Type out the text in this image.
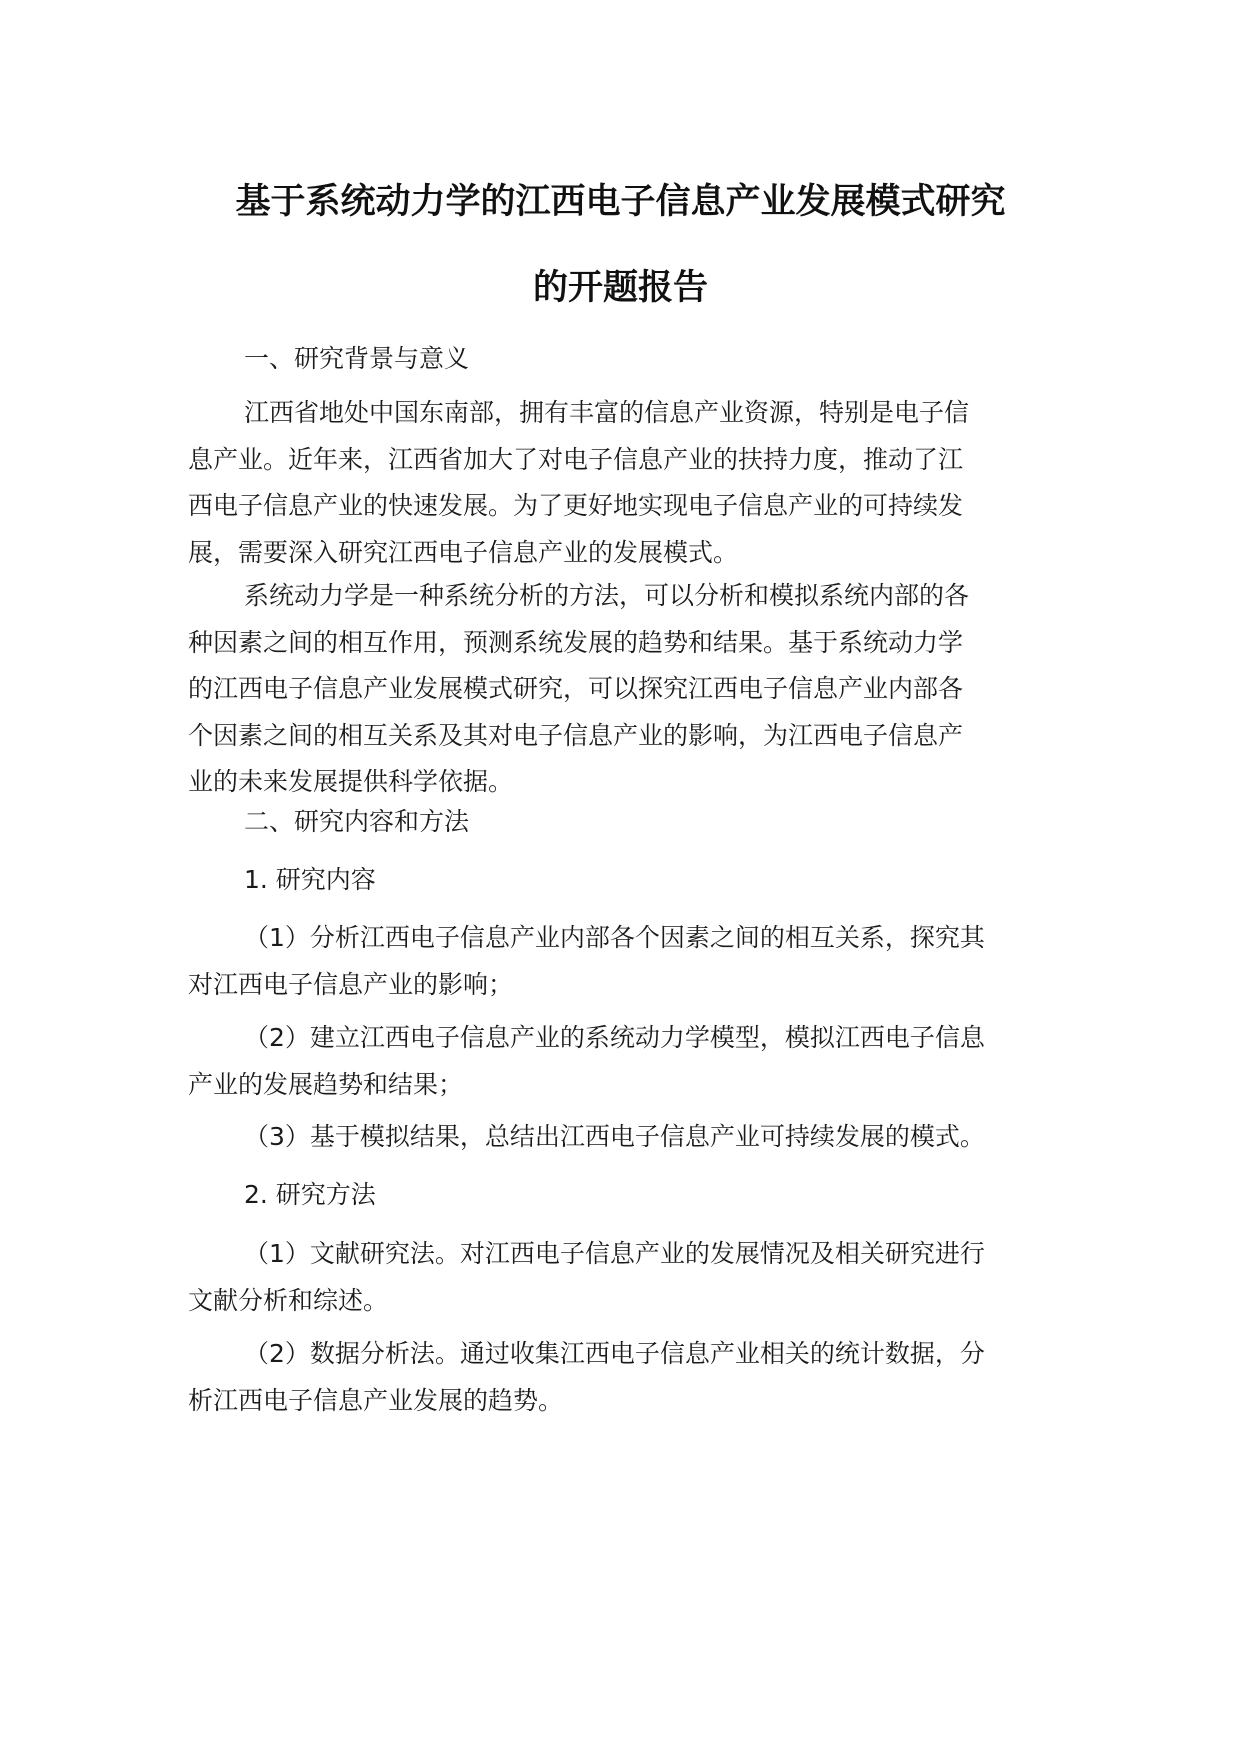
基于系统动力学的江西电子信息产业发展模式研究
的开题报告
一、研究背景与意义
江西省地处中国东南部，拥有丰富的信息产业资源，特别是电子信
息产业。近年来，江西省加大了对电子信息产业的扶持力度，推动了江
西电子信息产业的快速发展。为了更好地实现电子信息产业的可持续发
展，需要深入研究江西电子信息产业的发展模式。
系统动力学是一种系统分析的方法，可以分析和模拟系统内部的各
种因素之间的相互作用，预测系统发展的趋势和结果。基于系统动力学
的江西电子信息产业发展模式研究，可以探究江西电子信息产业内部各
个因素之间的相互关系及其对电子信息产业的影响，为江西电子信息产
业的未来发展提供科学依据。
二、研究内容和方法
1. 研究内容
（1）分析江西电子信息产业内部各个因素之间的相互关系，探究其
对江西电子信息产业的影响；
（2）建立江西电子信息产业的系统动力学模型，模拟江西电子信息
产业的发展趋势和结果；
（3）基于模拟结果，总结出江西电子信息产业可持续发展的模式。
2. 研究方法
（1）文献研究法。对江西电子信息产业的发展情况及相关研究进行
文献分析和综述。
（2）数据分析法。通过收集江西电子信息产业相关的统计数据，分
析江西电子信息产业发展的趋势。
